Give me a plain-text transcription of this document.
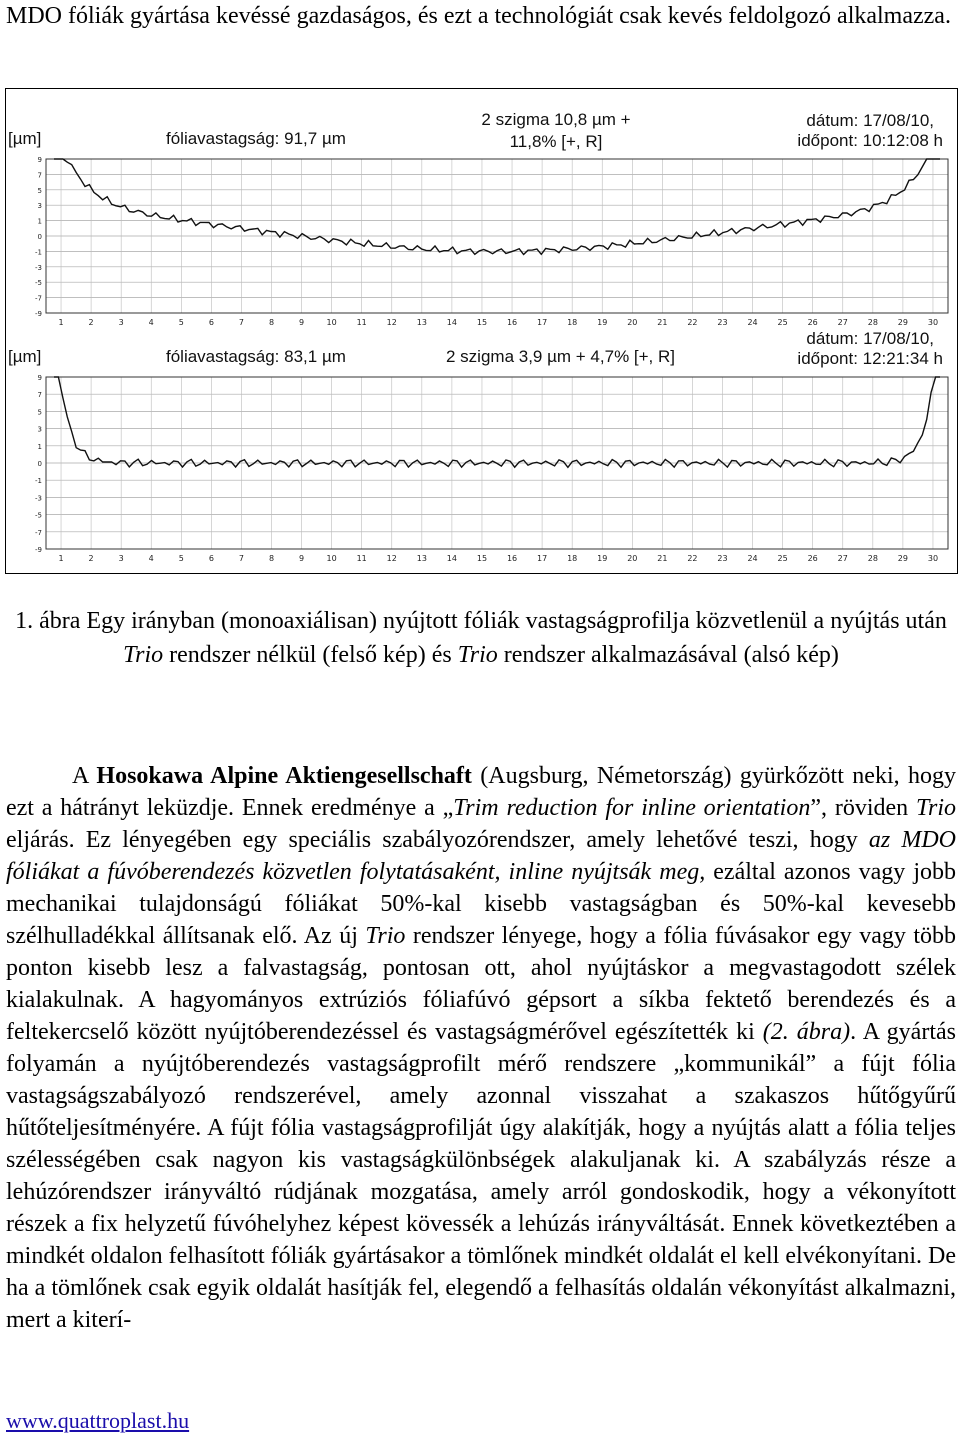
MDO fóliák gyártása kevéssé gazdaságos, és ezt a technológiát csak kevés feldolgozó alkalmazza.
[µm]	fóliavastagság: 91,7 µm
2 szigma 10,8 µm +
11,8% [+, R]
dátum: 17/08/10,
időpont: 10:12:08 h
9
7
5
3
1
0
-1
-3
-5
-7
-9
1	2	3	4	5	6	7	8	9	10 11 12 13 14 15 16 17 18 19 20 21 22 23 24 25 26 27 28 29 30
[µm]	fóliavastagság: 83,1 µm	2 szigma 3,9 µm + 4,7% [+, R]
dátum: 17/08/10,
időpont: 12:21:34 h
9
7
5
3
1
0
-1
-3
-5
-7
-9
1	2	3	4	5	6	7	8	9	10 11 12 13 14 15 16 17 18 19 20 21 22 23 24 25 26 27 28 29 30
1. ábra Egy irányban (monoaxiálisan) nyújtott fóliák vastagságprofilja közvetlenül a nyújtás után Trio rendszer nélkül (felső kép) és Trio rendszer alkalmazásával (alsó kép)

A Hosokawa Alpine Aktiengesellschaft (Augsburg, Németország) gyürkőzött neki, hogy ezt a hátrányt leküzdje. Ennek eredménye a „Trim reduction for inline orientation”, röviden Trio eljárás. Ez lényegében egy speciális szabályozórendszer, amely lehetővé teszi, hogy az MDO fóliákat a fúvóberendezés közvetlen folytatásaként, inline nyújtsák meg, ezáltal azonos vagy jobb mechanikai tulajdonságú fóliákat 50%-kal kisebb vastagságban és 50%-kal kevesebb szélhulladékkal állítsanak elő. Az új Trio rendszer lényege, hogy a fólia fúvásakor egy vagy több ponton kisebb lesz a falvastagság, pontosan ott, ahol nyújtáskor a megvastagodott szélek kialakulnak. A hagyományos extrúziós fóliafúvó gépsort a síkba fektető berendezés és a feltekercselő között nyújtóberendezéssel és vastagságmérővel egészítették ki (2. ábra). A gyártás folyamán a nyújtóberendezés vastagságprofilt mérő rendszere „kommunikál” a fújt fólia vastagságszabályozó rendszerével, amely azonnal visszahat a szakaszos hűtőgyűrű hűtőteljesítményére. A fújt fólia vastagságprofilját úgy alakítják, hogy a nyújtás alatt a fólia teljes szélességében csak nagyon kis vastagságkülönbségek alakuljanak ki. A szabályzás része a lehúzórendszer irányváltó rúdjának mozgatása, amely arról gondoskodik, hogy a vékonyított részek a fix helyzetű fúvóhelyhez képest kövessék a lehúzás irányváltását. Ennek következtében a mindkét oldalon felhasított fóliák gyártásakor a tömlőnek mindkét oldalát el kell elvékonyítani. De ha a tömlőnek csak egyik oldalát hasítják fel, elegendő a felhasítás oldalán vékonyítást alkalmazni, mert a kiterí-

www.quattroplast.hu
